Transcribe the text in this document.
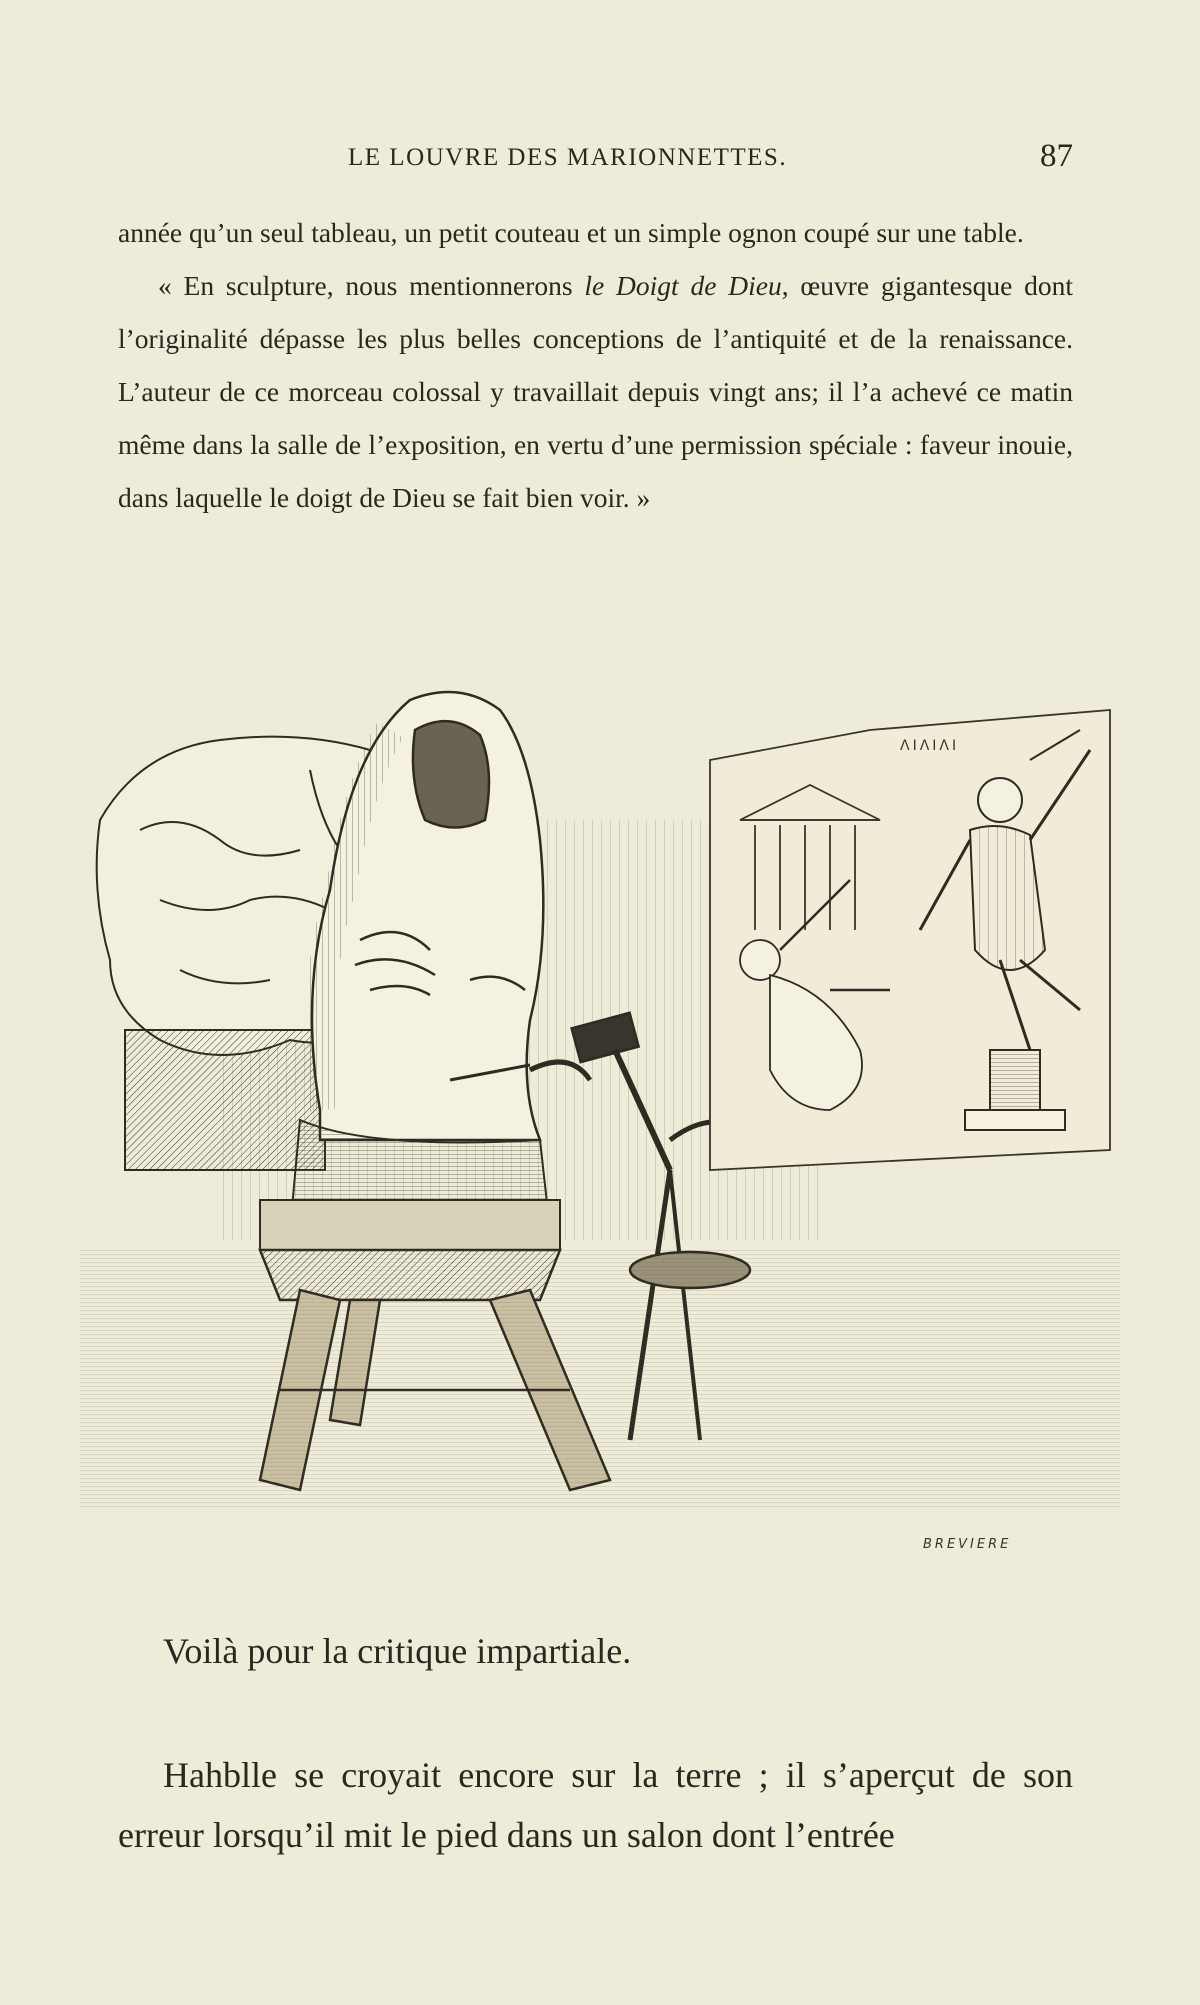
LE LOUVRE DES MARIONNETTES.	87

année qu’un seul tableau, un petit couteau et un simple ognon coupé sur une table.

« En sculpture, nous mentionnerons le Doigt de Dieu, œuvre gigantesque dont l’originalité dépasse les plus belles conceptions de l’antiquité et de la renaissance. L’auteur de ce morceau colossal y travaillait depuis vingt ans; il l’a achevé ce matin même dans la salle de l’exposition, en vertu d’une permission spéciale : faveur inouie, dans laquelle le doigt de Dieu se fait bien voir. »

ΛΙΛΙΛΙ
BREVIERE
Voilà pour la critique impartiale.

Hahblle se croyait encore sur la terre ; il s’aperçut de son erreur lorsqu’il mit le pied dans un salon dont l’entrée
